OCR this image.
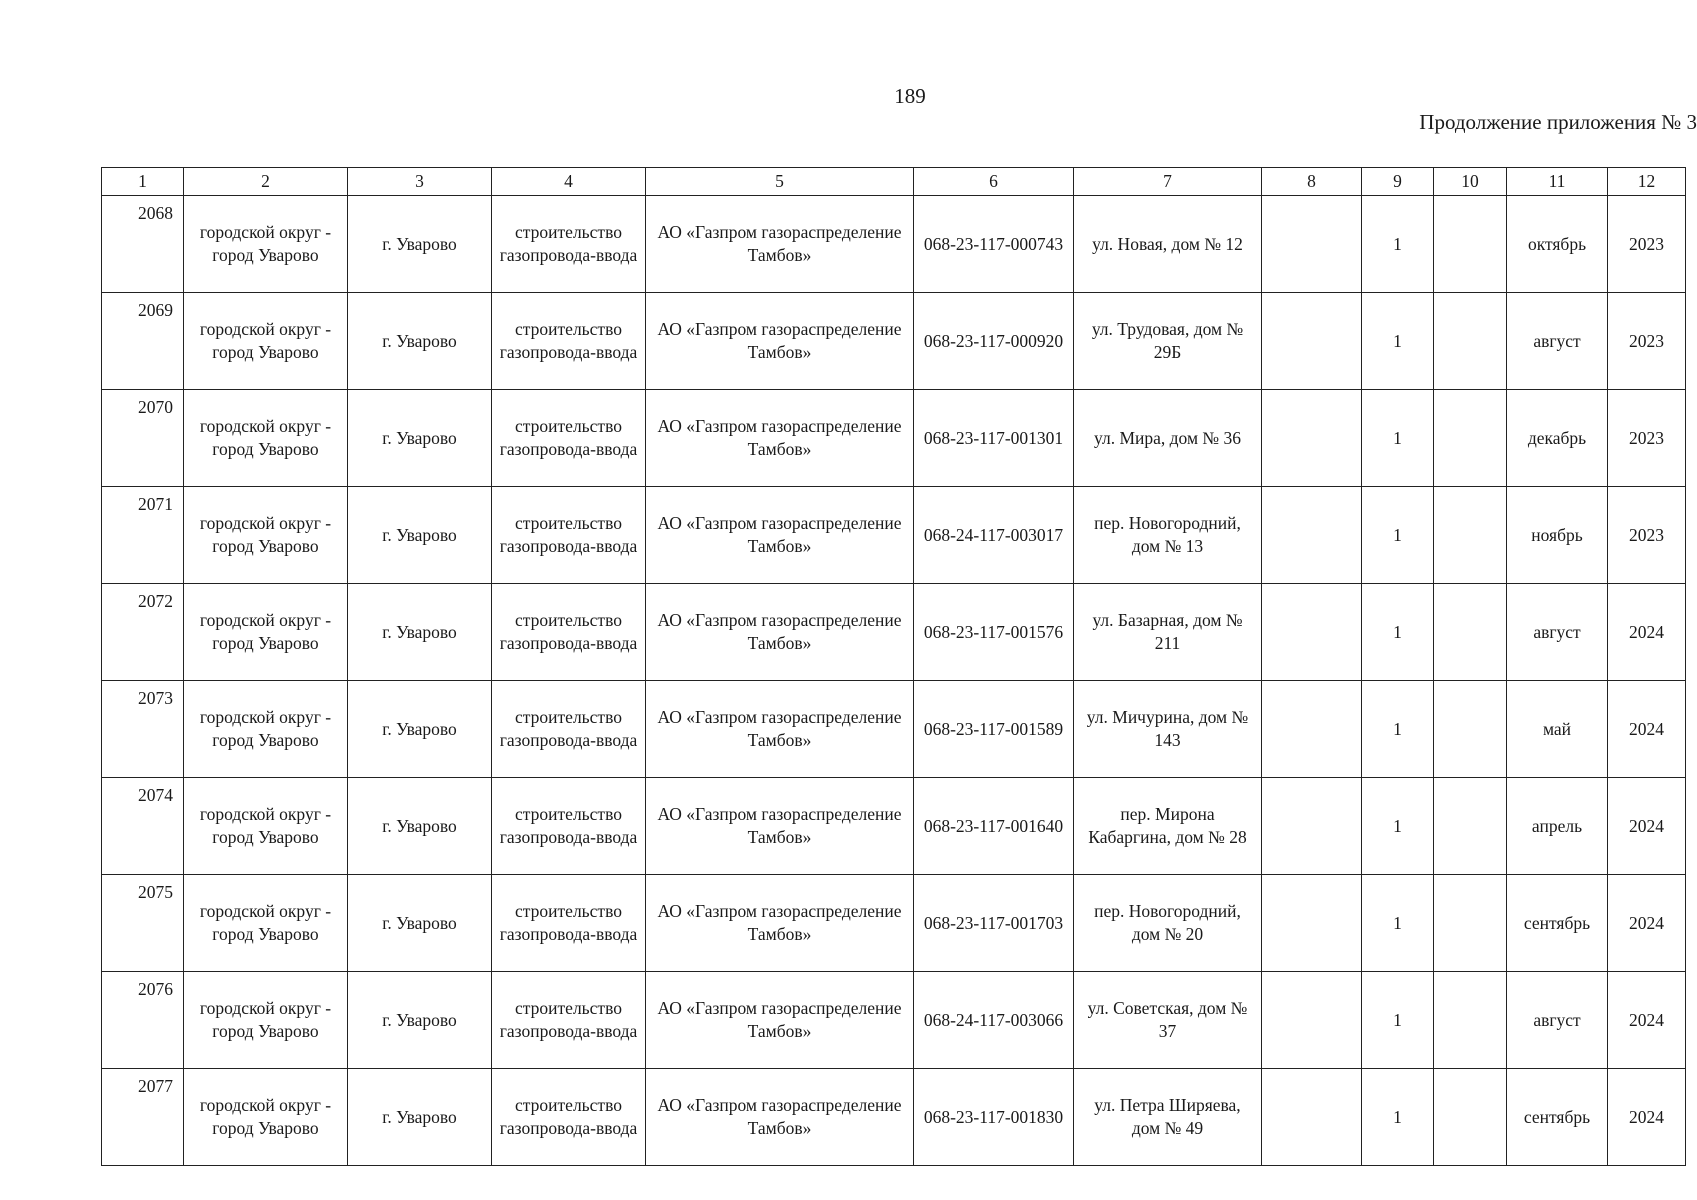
189
Продолжение приложения № 3
1	2	3	4	5	6	7	8	9	10	11	12
2068	городской округ - город Уварово	г. Уварово	строительство газопровода-ввода	АО «Газпром газораспределение Тамбов»	068-23-117-000743	ул. Новая, дом № 12		1		октябрь	2023
2069	городской округ - город Уварово	г. Уварово	строительство газопровода-ввода	АО «Газпром газораспределение Тамбов»	068-23-117-000920	ул. Трудовая, дом № 29Б		1		август	2023
2070	городской округ - город Уварово	г. Уварово	строительство газопровода-ввода	АО «Газпром газораспределение Тамбов»	068-23-117-001301	ул. Мира, дом № 36		1		декабрь	2023
2071	городской округ - город Уварово	г. Уварово	строительство газопровода-ввода	АО «Газпром газораспределение Тамбов»	068-24-117-003017	пер. Новогородний, дом № 13		1		ноябрь	2023
2072	городской округ - город Уварово	г. Уварово	строительство газопровода-ввода	АО «Газпром газораспределение Тамбов»	068-23-117-001576	ул. Базарная, дом № 211		1		август	2024
2073	городской округ - город Уварово	г. Уварово	строительство газопровода-ввода	АО «Газпром газораспределение Тамбов»	068-23-117-001589	ул. Мичурина, дом № 143		1		май	2024
2074	городской округ - город Уварово	г. Уварово	строительство газопровода-ввода	АО «Газпром газораспределение Тамбов»	068-23-117-001640	пер. Мирона Кабаргина, дом № 28		1		апрель	2024
2075	городской округ - город Уварово	г. Уварово	строительство газопровода-ввода	АО «Газпром газораспределение Тамбов»	068-23-117-001703	пер. Новогородний, дом № 20		1		сентябрь	2024
2076	городской округ - город Уварово	г. Уварово	строительство газопровода-ввода	АО «Газпром газораспределение Тамбов»	068-24-117-003066	ул. Советская, дом № 37		1		август	2024
2077	городской округ - город Уварово	г. Уварово	строительство газопровода-ввода	АО «Газпром газораспределение Тамбов»	068-23-117-001830	ул. Петра Ширяева, дом № 49		1		сентябрь	2024
